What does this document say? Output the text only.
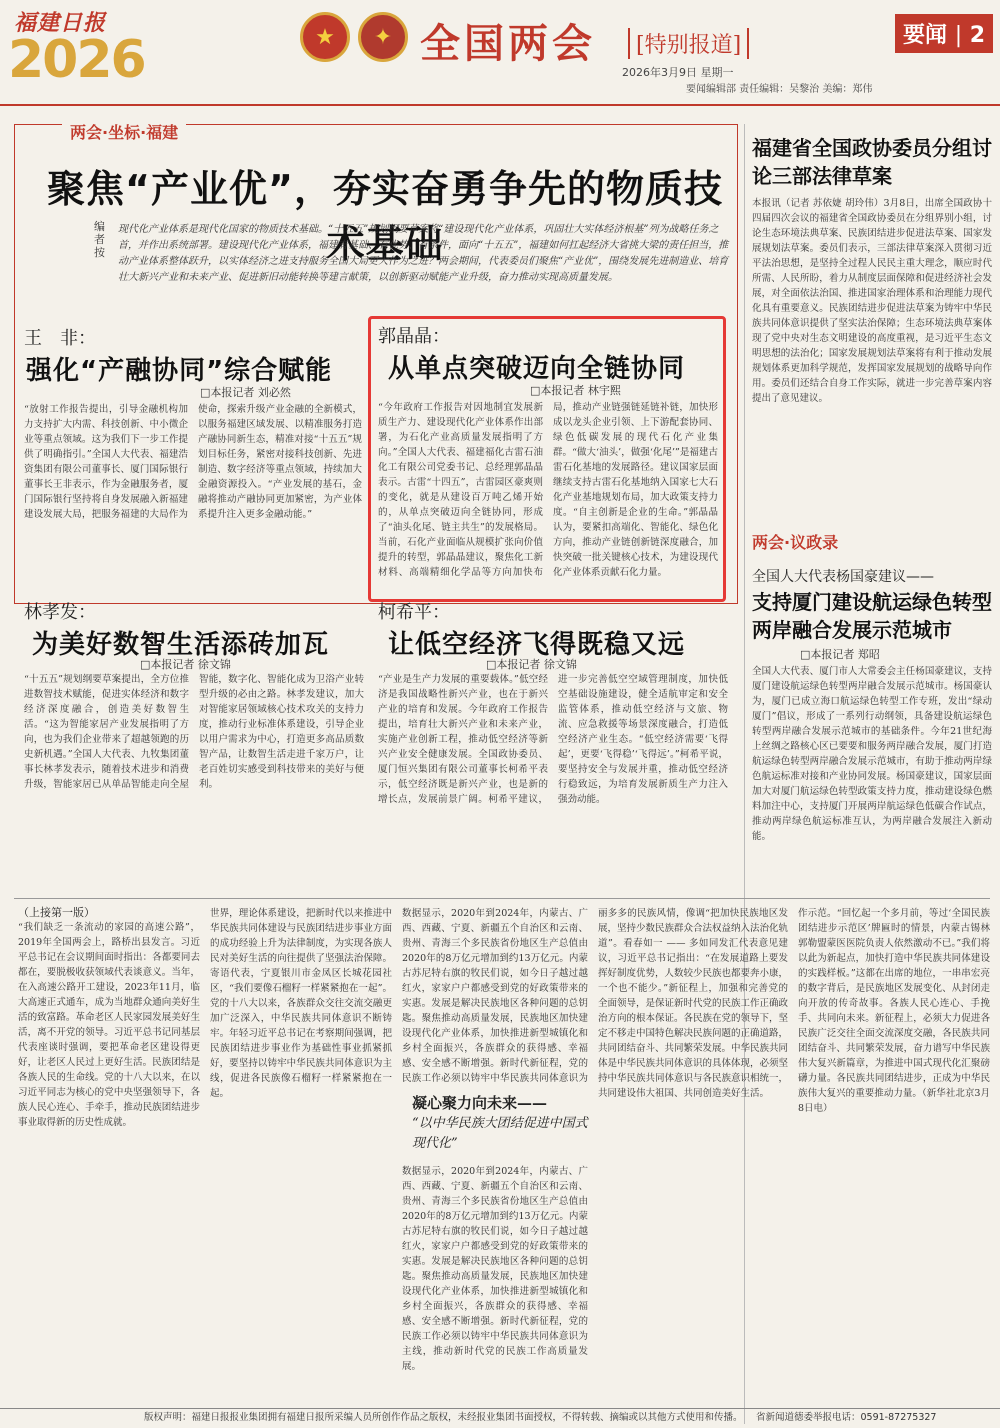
福建日报
2026	★	✦ 全国两会	[特别报道]	要闻 | 2
2026年3月9日 星期一
要闻编辑部 责任编辑：吴黎治 美编：郑伟
两会·坐标·福建
聚焦“产业优”，夯实奋勇争先的物质技术基础
编者按
现代化产业体系是现代化国家的物质技术基础。“十五五”规划纲要草案将“建设现代化产业体系，巩固壮大实体经济根基”列为战略任务之首，并作出系统部署。建设现代化产业体系，福建有基础、有优势、有条件，面向“十五五”，福建如何扛起经济大省挑大梁的责任担当，推动产业体系整体跃升，以实体经济之进支持服务全国大局更大作为之进？两会期间，代表委员们聚焦“产业优”，围绕发展先进制造业、培育壮大新兴产业和未来产业、促进新旧动能转换等建言献策，以创新驱动赋能产业升级，奋力推动实现高质量发展。
王　非：
强化“产融协同”综合赋能
□本报记者 刘必然
“放射工作报告提出，引导金融机构加力支持扩大内需、科技创新、中小微企业等重点领域。这为我们下一步工作提供了明确指引。”全国人大代表、福建浩资集团有限公司董事长、厦门国际银行董事长王非表示，作为金融服务者，厦门国际银行坚持将自身发展融入新福建建设发展大局，把服务福建的大局作为使命，探索升级产业金融的全新模式，以服务福建区域发展、以精准服务打造产融协同新生态，精准对接“十五五”规划目标任务，紧密对接科技创新、先进制造、数字经济等重点领域，持续加大金融资源投入。“产业发展的基石，金融将推动产融协同更加紧密，为产业体系提升注入更多金融动能。”
郭晶晶：
从单点突破迈向全链协同
□本报记者 林宇熙
“今年政府工作报告对因地制宜发展新质生产力、建设现代化产业体系作出部署，为石化产业高质量发展指明了方向。”全国人大代表、福建福化古雷石油化工有限公司党委书记、总经理郭晶晶表示。古雷“十四五”，古雷园区豪爽则的变化，就是从建设百万吨乙烯开始的，从单点突破迈向全链协同，形成了“油头化尾、链主共生”的发展格局。当前，石化产业面临从规模扩张向价值提升的转型，郭晶晶建议，聚焦化工新材料、高端精细化学品等方向加快布局，推动产业链强链延链补链，加快形成以龙头企业引领、上下游配套协同、绿色低碳发展的现代石化产业集群。“做大‘油头’，做强‘化尾’”是福建古雷石化基地的发展路径。建议国家层面继续支持古雷石化基地纳入国家七大石化产业基地规划布局，加大政策支持力度。“自主创新是企业的生命。”郭晶晶认为，要紧扣高端化、智能化、绿色化方向，推动产业链创新链深度融合，加快突破一批关键核心技术，为建设现代化产业体系贡献石化力量。
林孝发：
为美好数智生活添砖加瓦
□本报记者 徐文锦
“十五五”规划纲要草案提出，全方位推进数智技术赋能，促进实体经济和数字经济深度融合，创造美好数智生活。“这为智能家居产业发展指明了方向，也为我们企业带来了超越领跑的历史新机遇。”全国人大代表、九牧集团董事长林孝发表示，随着技术进步和消费升级，智能家居已从单品智能走向全屋智能，数字化、智能化成为卫浴产业转型升级的必由之路。林孝发建议，加大对智能家居领域核心技术攻关的支持力度，推动行业标准体系建设，引导企业以用户需求为中心，打造更多高品质数智产品，让数智生活走进千家万户，让老百姓切实感受到科技带来的美好与便利。
柯希平：
让低空经济飞得既稳又远
□本报记者 徐文锦
“产业是生产力发展的重要载体。”低空经济是我国战略性新兴产业，也在于新兴产业的培育和发展。今年政府工作报告提出，培育壮大新兴产业和未来产业，实施产业创新工程，推动低空经济等新兴产业安全健康发展。全国政协委员、厦门恒兴集团有限公司董事长柯希平表示，低空经济既是新兴产业，也是新的增长点，发展前景广阔。柯希平建议，进一步完善低空空域管理制度，加快低空基础设施建设，健全适航审定和安全监管体系，推动低空经济与文旅、物流、应急救援等场景深度融合，打造低空经济产业生态。“低空经济需要‘飞得起’，更要‘飞得稳’‘飞得远’。”柯希平说，要坚持安全与发展并重，推动低空经济行稳致远，为培育发展新质生产力注入强劲动能。
福建省全国政协委员分组讨论三部法律草案
本报讯（记者 苏依婕 胡玲伟）3月8日，出席全国政协十四届四次会议的福建省全国政协委员在分组界别小组，讨论生态环境法典草案、民族团结进步促进法草案、国家发展规划法草案。委员们表示，三部法律草案深入贯彻习近平法治思想，是坚持全过程人民民主重大理念，顺应时代所需、人民所盼，着力从制度层面保障和促进经济社会发展，对全面依法治国、推进国家治理体系和治理能力现代化具有重要意义。民族团结进步促进法草案为铸牢中华民族共同体意识提供了坚实法治保障；生态环境法典草案体现了党中央对生态文明建设的高度重视，是习近平生态文明思想的法治化；国家发展规划法草案将有利于推动发展规划体系更加科学规范，发挥国家发展规划的战略导向作用。委员们还结合自身工作实际，就进一步完善草案内容提出了意见建议。
两会·议政录
全国人大代表杨国豪建议——
支持厦门建设航运绿色转型两岸融合发展示范城市
□本报记者 郑昭
全国人大代表、厦门市人大常委会主任杨国豪建议，支持厦门建设航运绿色转型两岸融合发展示范城市。杨国豪认为，厦门已成立海口航运绿色转型工作专班，发出“绿动厦门”倡议，形成了一系列行动纲领，具备建设航运绿色转型两岸融合发展示范城市的基础条件。今年21世纪海上丝绸之路核心区已要要和服务两岸融合发展，厦门打造航运绿色转型两岸融合发展示范城市，有助于推动两岸绿色航运标准对接和产业协同发展。杨国豪建议，国家层面加大对厦门航运绿色转型政策支持力度，推动建设绿色燃料加注中心，支持厦门开展两岸航运绿色低碳合作试点，推动两岸绿色航运标准互认，为两岸融合发展注入新动能。
（上接第一版）
“我们缺乏一条流动的家园的高速公路”，2019年全国两会上，路桥出县发言。习近平总书记在会议期间面时指出：各都要同去都在，要脱极收获领域代表谈意义。当年，在入高速公路开工建设，2023年11月，临大高速正式通车，成为当地群众通向美好生活的致富路。革命老区人民家园发展美好生活，离不开党的领导。习近平总书记同基层代表座谈时强调，要把革命老区建设得更好，让老区人民过上更好生活。民族团结是各族人民的生命线。党的十八大以来，在以习近平同志为核心的党中央坚强领导下，各族人民心连心、手牵手，推动民族团结进步事业取得新的历史性成就。
世界，理论体系建设，把新时代以来推进中华民族共同体建设与民族团结进步事业方面的成功经验上升为法律制度，为实现各族人民对美好生活的向往提供了坚强法治保障。寄语代表，宁夏银川市金凤区长城花园社区，“我们要像石榴籽一样紧紧抱在一起”。党的十八大以来，各族群众交往交流交融更加广泛深入，中华民族共同体意识不断铸牢。年轻习近平总书记在考察期间强调，把民族团结进步事业作为基础性事业抓紧抓好，要坚持以铸牢中华民族共同体意识为主线，促进各民族像石榴籽一样紧紧抱在一起。
数据显示，2020年到2024年，内蒙古、广西、西藏、宁夏、新疆五个自治区和云南、贵州、青海三个多民族省份地区生产总值由2020年的8万亿元增加到约13万亿元。内蒙古苏尼特右旗的牧民们说，如今日子越过越红火，家家户户都感受到党的好政策带来的实惠。发展是解决民族地区各种问题的总钥匙。聚焦推动高质量发展，民族地区加快建设现代化产业体系，加快推进新型城镇化和乡村全面振兴，各族群众的获得感、幸福感、安全感不断增强。新时代新征程，党的民族工作必须以铸牢中华民族共同体意识为
凝心聚力向未来——
“以中华民族大团结促进中国式现代化”
数据显示，2020年到2024年，内蒙古、广西、西藏、宁夏、新疆五个自治区和云南、贵州、青海三个多民族省份地区生产总值由2020年的8万亿元增加到约13万亿元。内蒙古苏尼特右旗的牧民们说，如今日子越过越红火，家家户户都感受到党的好政策带来的实惠。发展是解决民族地区各种问题的总钥匙。聚焦推动高质量发展，民族地区加快建设现代化产业体系，加快推进新型城镇化和乡村全面振兴，各族群众的获得感、幸福感、安全感不断增强。新时代新征程，党的民族工作必须以铸牢中华民族共同体意识为主线，推动新时代党的民族工作高质量发展。
丽多多的民族风情，像调“把加快民族地区发展，坚持少数民族群众合法权益纳入法治化轨道”。看春如一 —— 多如同发汇代表意见建议，习近平总书记指出：“在发展道路上要发挥好制度优势，人数较少民族也都要奔小康，一个也不能少。”新征程上，加强和完善党的全面领导，是保证新时代党的民族工作正确政治方向的根本保证。各民族在党的领导下，坚定不移走中国特色解决民族问题的正确道路，共同团结奋斗、共同繁荣发展。中华民族共同体是中华民族共同体意识的具体体现，必须坚持中华民族共同体意识与各民族意识相统一，共同建设伟大祖国、共同创造美好生活。
作示范。“回忆起一个多月前，等过‘全国民族团结进步示范区’牌匾时的情景，内蒙古锡林郭勒盟蒙医医院负责人依然激动不已。”我们将以此为新起点，加快打造中华民族共同体建设的实践样板。”这都在出席的地位，一串串宏亮的数字背后，是民族地区发展变化、从封闭走向开放的传奇故事。各族人民心连心、手挽手、共同向未来。新征程上，必须大力促进各民族广泛交往全面交流深度交融，各民族共同团结奋斗、共同繁荣发展，奋力谱写中华民族伟大复兴新篇章，为推进中国式现代化汇聚磅礴力量。各民族共同团结进步，正成为中华民族伟大复兴的重要推动力量。（新华社北京3月8日电）
版权声明：福建日报报业集团拥有福建日报所采编人员所创作作品之版权，未经报业集团书面授权，不得转载、摘编或以其他方式使用和传播。 省新闻道德委举报电话：0591-87275327
